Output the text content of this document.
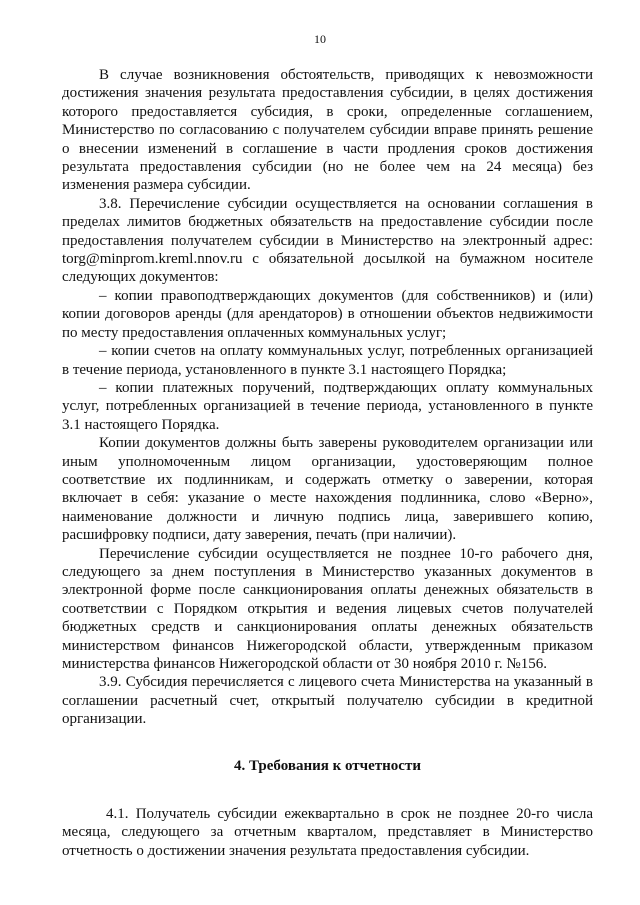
10

В случае возникновения обстоятельств, приводящих к невозможности достижения значения результата предоставления субсидии, в целях достижения которого предоставляется субсидия, в сроки, определенные соглашением, Министерство по согласованию с получателем субсидии вправе принять решение о внесении изменений в соглашение в части продления сроков достижения результата предоставления субсидии (но не более чем на 24 месяца) без изменения размера субсидии.

3.8. Перечисление субсидии осуществляется на основании соглашения в пределах лимитов бюджетных обязательств на предоставление субсидии после предоставления получателем субсидии в Министерство на электронный адрес: torg@minprom.kreml.nnov.ru с обязательной досылкой на бумажном носителе следующих документов:

– копии правоподтверждающих документов (для собственников) и (или) копии договоров аренды (для арендаторов) в отношении объектов недвижимости по месту предоставления оплаченных коммунальных услуг;

– копии счетов на оплату коммунальных услуг, потребленных организацией в течение периода, установленного в пункте 3.1 настоящего Порядка;

– копии платежных поручений, подтверждающих оплату коммунальных услуг, потребленных организацией в течение периода, установленного в пункте 3.1 настоящего Порядка.

Копии документов должны быть заверены руководителем организации или иным уполномоченным лицом организации, удостоверяющим полное соответствие их подлинникам, и содержать отметку о заверении, которая включает в себя: указание о месте нахождения подлинника, слово «Верно», наименование должности и личную подпись лица, заверившего копию, расшифровку подписи, дату заверения, печать (при наличии).

Перечисление субсидии осуществляется не позднее 10-го рабочего дня, следующего за днем поступления в Министерство указанных документов в электронной форме после санкционирования оплаты денежных обязательств в соответствии с Порядком открытия и ведения лицевых счетов получателей бюджетных средств и санкционирования оплаты денежных обязательств министерством финансов Нижегородской области, утвержденным приказом министерства финансов Нижегородской области от 30 ноября 2010 г. №156.

3.9. Субсидия перечисляется с лицевого счета Министерства на указанный в соглашении расчетный счет, открытый получателю субсидии в кредитной организации.

4. Требования к отчетности

4.1. Получатель субсидии ежеквартально в срок не позднее 20-го числа месяца, следующего за отчетным кварталом, представляет в Министерство отчетность о достижении значения результата предоставления субсидии.
